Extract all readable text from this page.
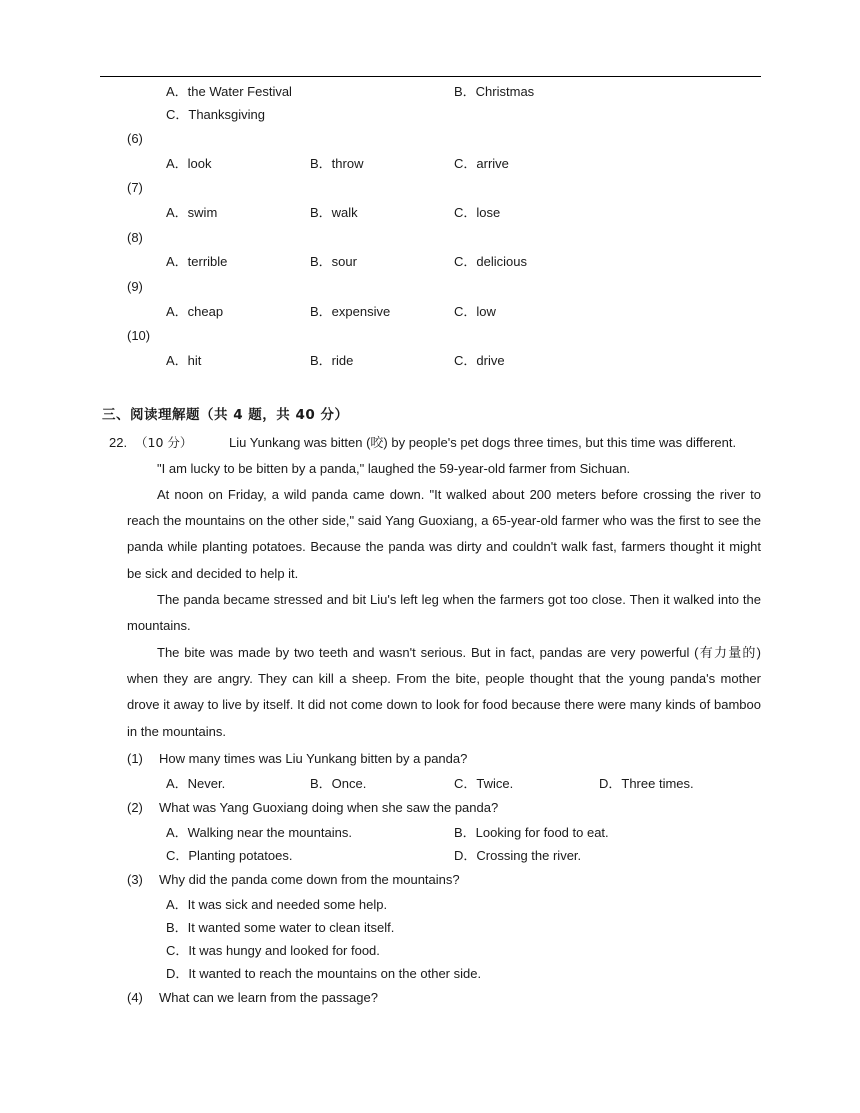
A．the Water Festival	B．Christmas
C．Thanksgiving
(6)
A．look	B．throw	C．arrive
(7)
A．swim	B．walk	C．lose
(8)
A．terrible	B．sour	C．delicious
(9)
A．cheap	B．expensive	C．low
(10)
A．hit	B．ride	C．drive
三、阅读理解题（共 4 题，共 40 分）
22. （10 分）	Liu Yunkang was bitten (咬) by people's pet dogs three times, but this time was different.
"I am lucky to be bitten by a panda," laughed the 59-year-old farmer from Sichuan.
At noon on Friday, a wild panda came down. "It walked about 200 meters before crossing the river to reach the mountains on the other side," said Yang Guoxiang, a 65-year-old farmer who was the first to see the panda while planting potatoes. Because the panda was dirty and couldn't walk fast, farmers thought it might be sick and decided to help it.
The panda became stressed and bit Liu's left leg when the farmers got too close. Then it walked into the mountains.
The bite was made by two teeth and wasn't serious. But in fact, pandas are very powerful (有力量的) when they are angry. They can kill a sheep. From the bite, people thought that the young panda's mother drove it away to live by itself. It did not come down to look for food because there were many kinds of bamboo in the mountains.
(1) How many times was Liu Yunkang bitten by a panda?
A．Never.	B．Once.	C．Twice.	D．Three times.
(2) What was Yang Guoxiang doing when she saw the panda?
A．Walking near the mountains.	B．Looking for food to eat.
C．Planting potatoes.	D．Crossing the river.
(3) Why did the panda come down from the mountains?
A．It was sick and needed some help.
B．It wanted some water to clean itself.
C．It was hungy and looked for food.
D．It wanted to reach the mountains on the other side.
(4) What can we learn from the passage?
